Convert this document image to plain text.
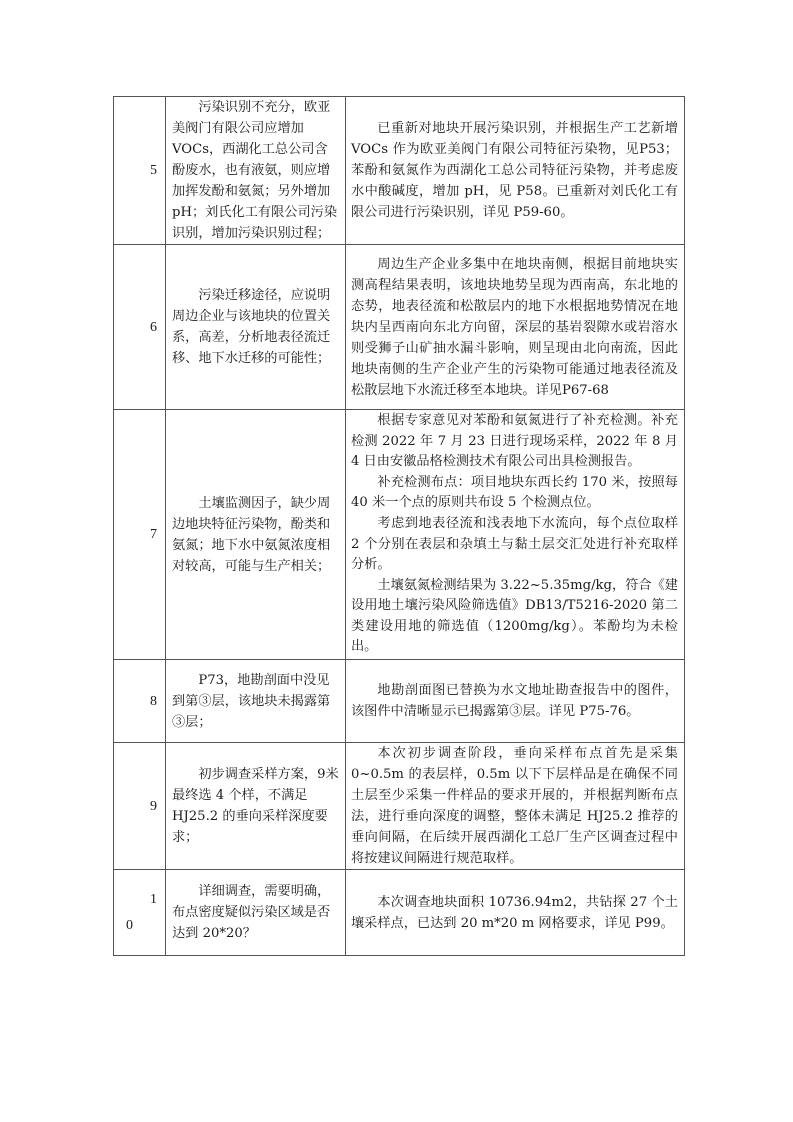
5	污染识别不充分，欧亚美阀门有限公司应增加VOCs，西湖化工总公司含酚废水，也有液氨，则应增加挥发酚和氨氮；另外增加pH；刘氏化工有限公司污染识别，增加污染识别过程；	已重新对地块开展污染识别，并根据生产工艺新增 VOCs 作为欧亚美阀门有限公司特征污染物，见P53；苯酚和氨氮作为西湖化工总公司特征污染物，并考虑废水中酸碱度，增加 pH，见 P58。已重新对刘氏化工有限公司进行污染识别，详见 P59-60。

6	污染迁移途径，应说明周边企业与该地块的位置关系，高差，分析地表径流迁移、地下水迁移的可能性；	周边生产企业多集中在地块南侧，根据目前地块实测高程结果表明，该地块地势呈现为西南高，东北地的态势，地表径流和松散层内的地下水根据地势情况在地块内呈西南向东北方向留，深层的基岩裂隙水或岩溶水则受狮子山矿抽水漏斗影响，则呈现由北向南流，因此地块南侧的生产企业产生的污染物可能通过地表径流及松散层地下水流迁移至本地块。详见P67-68

7	土壤监测因子，缺少周边地块特征污染物，酚类和氨氮；地下水中氨氮浓度相对较高，可能与生产相关；	根据专家意见对苯酚和氨氮进行了补充检测。补充检测 2022 年 7 月 23 日进行现场采样，2022 年 8 月 4 日由安徽品格检测技术有限公司出具检测报告。

补充检测布点：项目地块东西长约 170 米，按照每 40 米一个点的原则共布设 5 个检测点位。

考虑到地表径流和浅表地下水流向，每个点位取样 2 个分别在表层和杂填土与黏土层交汇处进行补充取样分析。

土壤氨氮检测结果为 3.22~5.35mg/kg，符合《建设用地土壤污染风险筛选值》DB13/T5216-2020 第二类建设用地的筛选值（1200mg/kg）。苯酚均为未检出。

8	P73，地勘剖面中没见到第③层，该地块未揭露第③层；	地勘剖面图已替换为水文地址勘查报告中的图件，该图件中清晰显示已揭露第③层。详见 P75-76。

9	初步调查采样方案，9米最终选 4 个样，不满足 HJ25.2 的垂向采样深度要求；	本次初步调查阶段，垂向采样布点首先是采集 0~0.5m 的表层样，0.5m 以下下层样品是在确保不同土层至少采集一件样品的要求开展的，并根据判断布点法，进行垂向深度的调整，整体未满足 HJ25.2 推荐的垂向间隔，在后续开展西湖化工总厂生产区调查过程中将按建议间隔进行规范取样。

1
0	详细调查，需要明确，布点密度疑似污染区域是否达到 20*20？	本次调查地块面积 10736.94m2，共钻探 27 个土壤采样点，已达到 20 m*20 m 网格要求，详见 P99。
